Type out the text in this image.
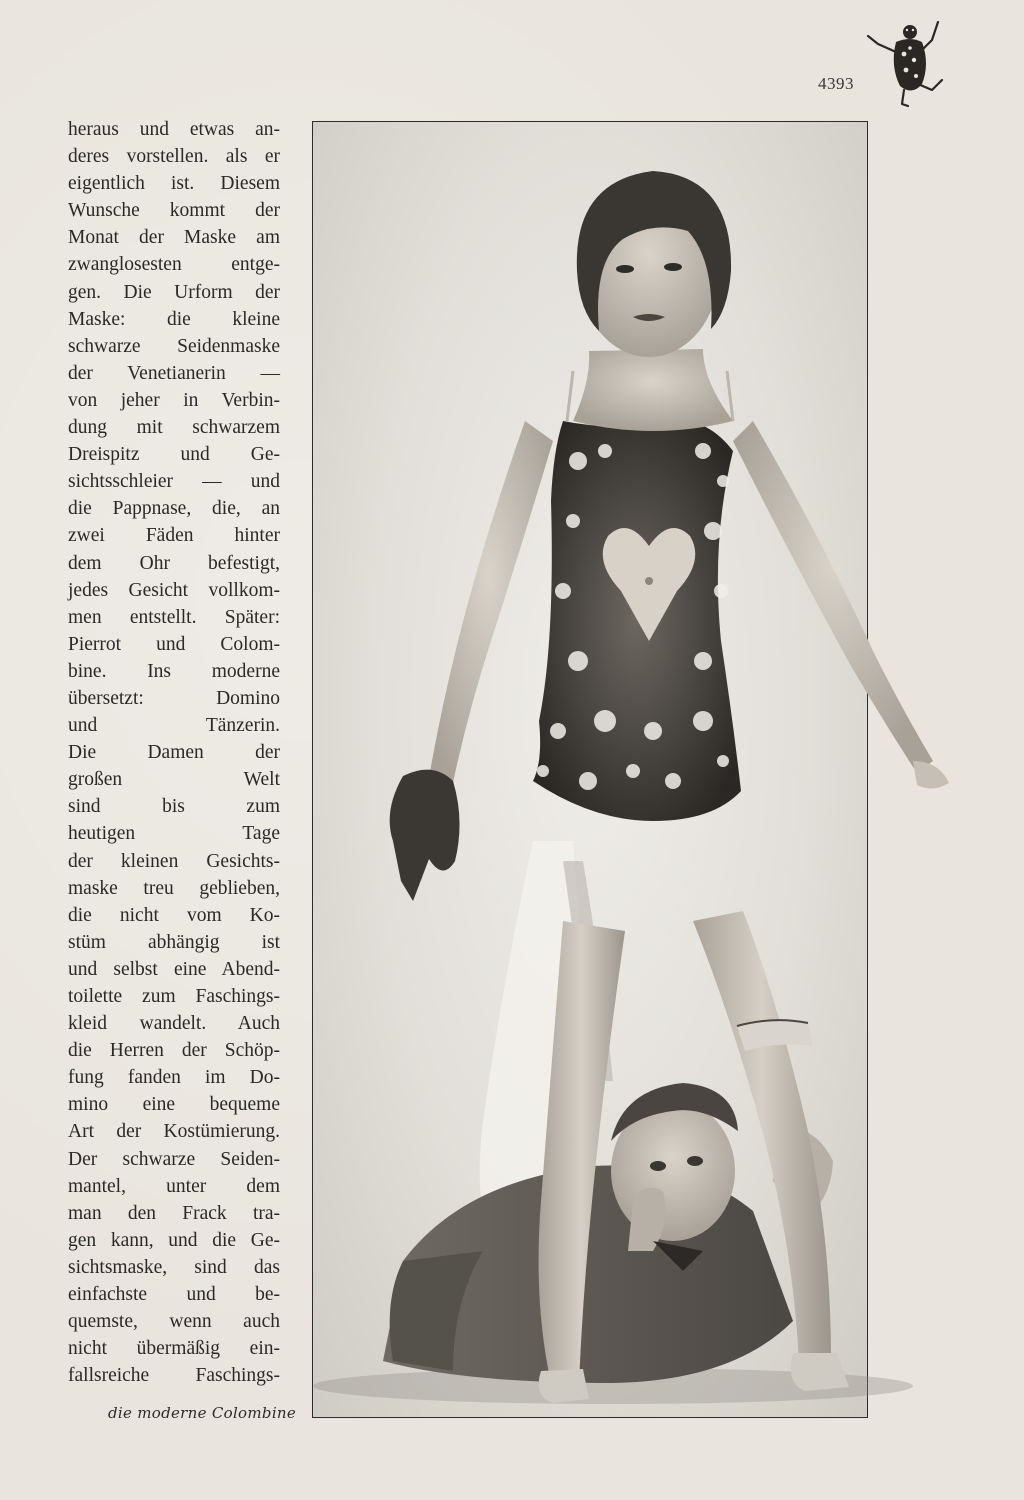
4393
heraus und etwas an-
deres vorstellen. als er
eigentlich ist. Diesem
Wunsche kommt der
Monat der Maske am
zwanglosesten entge-
gen. Die Urform der
Maske: die kleine
schwarze Seidenmaske
der Venetianerin —
von jeher in Verbin-
dung mit schwarzem
Dreispitz und Ge-
sichtsschleier — und
die Pappnase, die, an
zwei Fäden hinter
dem Ohr befestigt,
jedes Gesicht vollkom-
men entstellt. Später:
Pierrot und Colom-
bine. Ins moderne
übersetzt: Domino
und Tänzerin.
Die Damen der
großen Welt
sind bis zum
heutigen Tage
der kleinen Gesichts-
maske treu geblieben,
die nicht vom Ko-
stüm abhängig ist
und selbst eine Abend-
toilette zum Faschings-
kleid wandelt. Auch
die Herren der Schöp-
fung fanden im Do-
mino eine bequeme
Art der Kostümierung.
Der schwarze Seiden-
mantel, unter dem
man den Frack tra-
gen kann, und die Ge-
sichtsmaske, sind das
einfachste und be-
quemste, wenn auch
nicht übermäßig ein-
fallsreiche Faschings-
die moderne Colombine
